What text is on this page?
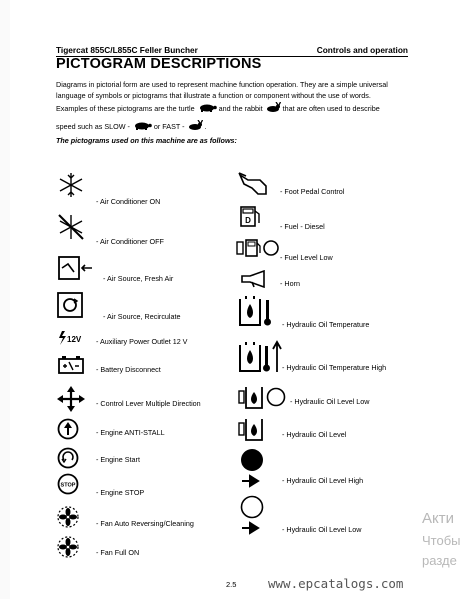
Tigercat 855C/L855C Feller Buncher	Controls and operation
PICTOGRAM DESCRIPTIONS
Diagrams in pictorial form are used to represent machine function operation. They are a simple universal language of symbols or pictograms that illustrate a function or component without the use of words.
Examples of these pictograms are the turtle	and the rabbit	that are often used to describe
speed such as SLOW -	or FAST -	.
The pictograms used on this machine are as follows:
- Air Conditioner ON
- Air Conditioner OFF
- Air Source, Fresh Air
- Air Source, Recirculate
12V - Auxiliary Power Outlet 12 V
- Battery Disconnect
- Control Lever Multiple Direction
- Engine ANTI-STALL
- Engine Start
STOP
- Engine STOP
- Fan Auto Reversing/Cleaning
- Fan Full ON
- Foot Pedal Control
D
- Fuel - Diesel
- Fuel Level Low
- Horn
- Hydraulic Oil Temperature
- Hydraulic Oil Temperature High
- Hydraulic Oil Level Low
- Hydraulic Oil Level
- Hydraulic Oil Level High
- Hydraulic Oil Level Low
2.5	www.epcatalogs.com
Акти
Чтобы
разде
